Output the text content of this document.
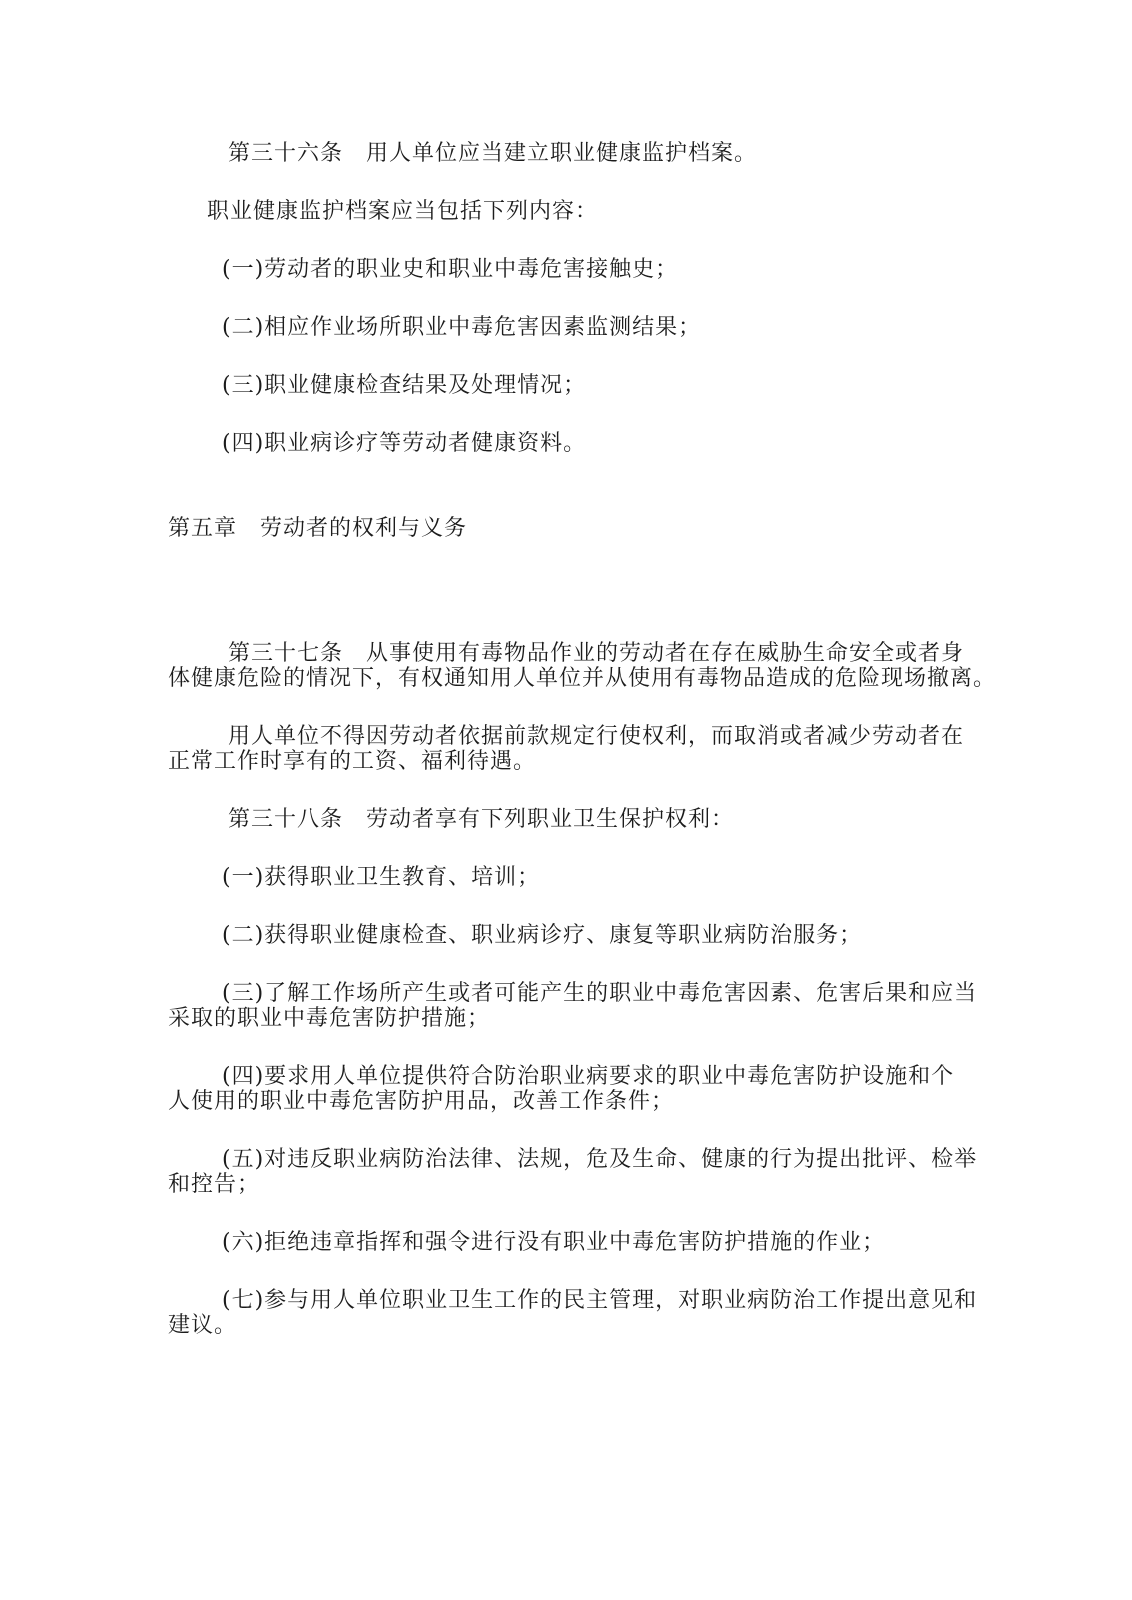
第三十六条　用人单位应当建立职业健康监护档案。
职业健康监护档案应当包括下列内容：
(一)劳动者的职业史和职业中毒危害接触史；
(二)相应作业场所职业中毒危害因素监测结果；
(三)职业健康检查结果及处理情况；
(四)职业病诊疗等劳动者健康资料。
第五章　劳动者的权利与义务
第三十七条　从事使用有毒物品作业的劳动者在存在威胁生命安全或者身
体健康危险的情况下，有权通知用人单位并从使用有毒物品造成的危险现场撤离。
用人单位不得因劳动者依据前款规定行使权利，而取消或者减少劳动者在
正常工作时享有的工资、福利待遇。
第三十八条　劳动者享有下列职业卫生保护权利：
(一)获得职业卫生教育、培训；
(二)获得职业健康检查、职业病诊疗、康复等职业病防治服务；
(三)了解工作场所产生或者可能产生的职业中毒危害因素、危害后果和应当
采取的职业中毒危害防护措施；
(四)要求用人单位提供符合防治职业病要求的职业中毒危害防护设施和个
人使用的职业中毒危害防护用品，改善工作条件；
(五)对违反职业病防治法律、法规，危及生命、健康的行为提出批评、检举
和控告；
(六)拒绝违章指挥和强令进行没有职业中毒危害防护措施的作业；
(七)参与用人单位职业卫生工作的民主管理，对职业病防治工作提出意见和
建议。
